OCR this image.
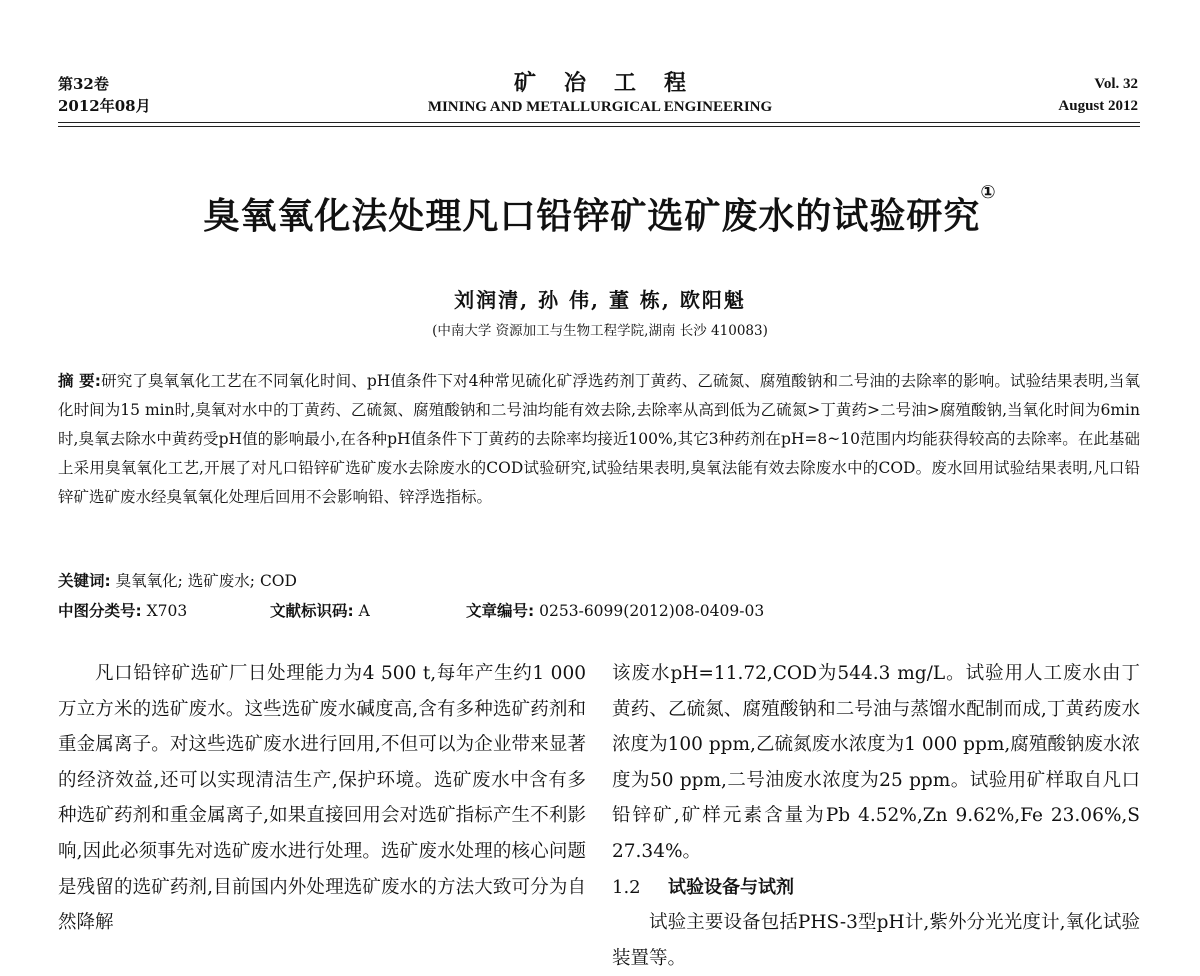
第32卷
2012年08月
矿冶工程
MINING AND METALLURGICAL ENGINEERING
Vol. 32
August 2012
臭氧氧化法处理凡口铅锌矿选矿废水的试验研究①
刘润清, 孙 伟, 董 栋, 欧阳魁
(中南大学 资源加工与生物工程学院,湖南 长沙 410083)
摘 要:研究了臭氧氧化工艺在不同氧化时间、pH值条件下对4种常见硫化矿浮选药剂丁黄药、乙硫氮、腐殖酸钠和二号油的去除率的影响。试验结果表明,当氧化时间为15 min时,臭氧对水中的丁黄药、乙硫氮、腐殖酸钠和二号油均能有效去除,去除率从高到低为乙硫氮>丁黄药>二号油>腐殖酸钠,当氧化时间为6min时,臭氧去除水中黄药受pH值的影响最小,在各种pH值条件下丁黄药的去除率均接近100%,其它3种药剂在pH=8~10范围内均能获得较高的去除率。在此基础上采用臭氧氧化工艺,开展了对凡口铅锌矿选矿废水去除废水的COD试验研究,试验结果表明,臭氧法能有效去除废水中的COD。废水回用试验结果表明,凡口铅锌矿选矿废水经臭氧氧化处理后回用不会影响铅、锌浮选指标。
关键词: 臭氧氧化; 选矿废水; COD
中图分类号: X703	文献标识码: A	文章编号: 0253-6099(2012)08-0409-03
凡口铅锌矿选矿厂日处理能力为4 500 t,每年产生约1 000万立方米的选矿废水。这些选矿废水碱度高,含有多种选矿药剂和重金属离子。对这些选矿废水进行回用,不但可以为企业带来显著的经济效益,还可以实现清洁生产,保护环境。选矿废水中含有多种选矿药剂和重金属离子,如果直接回用会对选矿指标产生不利影响,因此必须事先对选矿废水进行处理。选矿废水处理的核心问题是残留的选矿药剂,目前国内外处理选矿废水的方法大致可分为自然降解

该废水pH=11.72,COD为544.3 mg/L。试验用人工废水由丁黄药、乙硫氮、腐殖酸钠和二号油与蒸馏水配制而成,丁黄药废水浓度为100 ppm,乙硫氮废水浓度为1 000 ppm,腐殖酸钠废水浓度为50 ppm,二号油废水浓度为25 ppm。试验用矿样取自凡口铅锌矿,矿样元素含量为Pb 4.52%,Zn 9.62%,Fe 23.06%,S 27.34%。

1.2 试验设备与试剂

试验主要设备包括PHS-3型pH计,紫外分光光度计,氧化试验装置等。
